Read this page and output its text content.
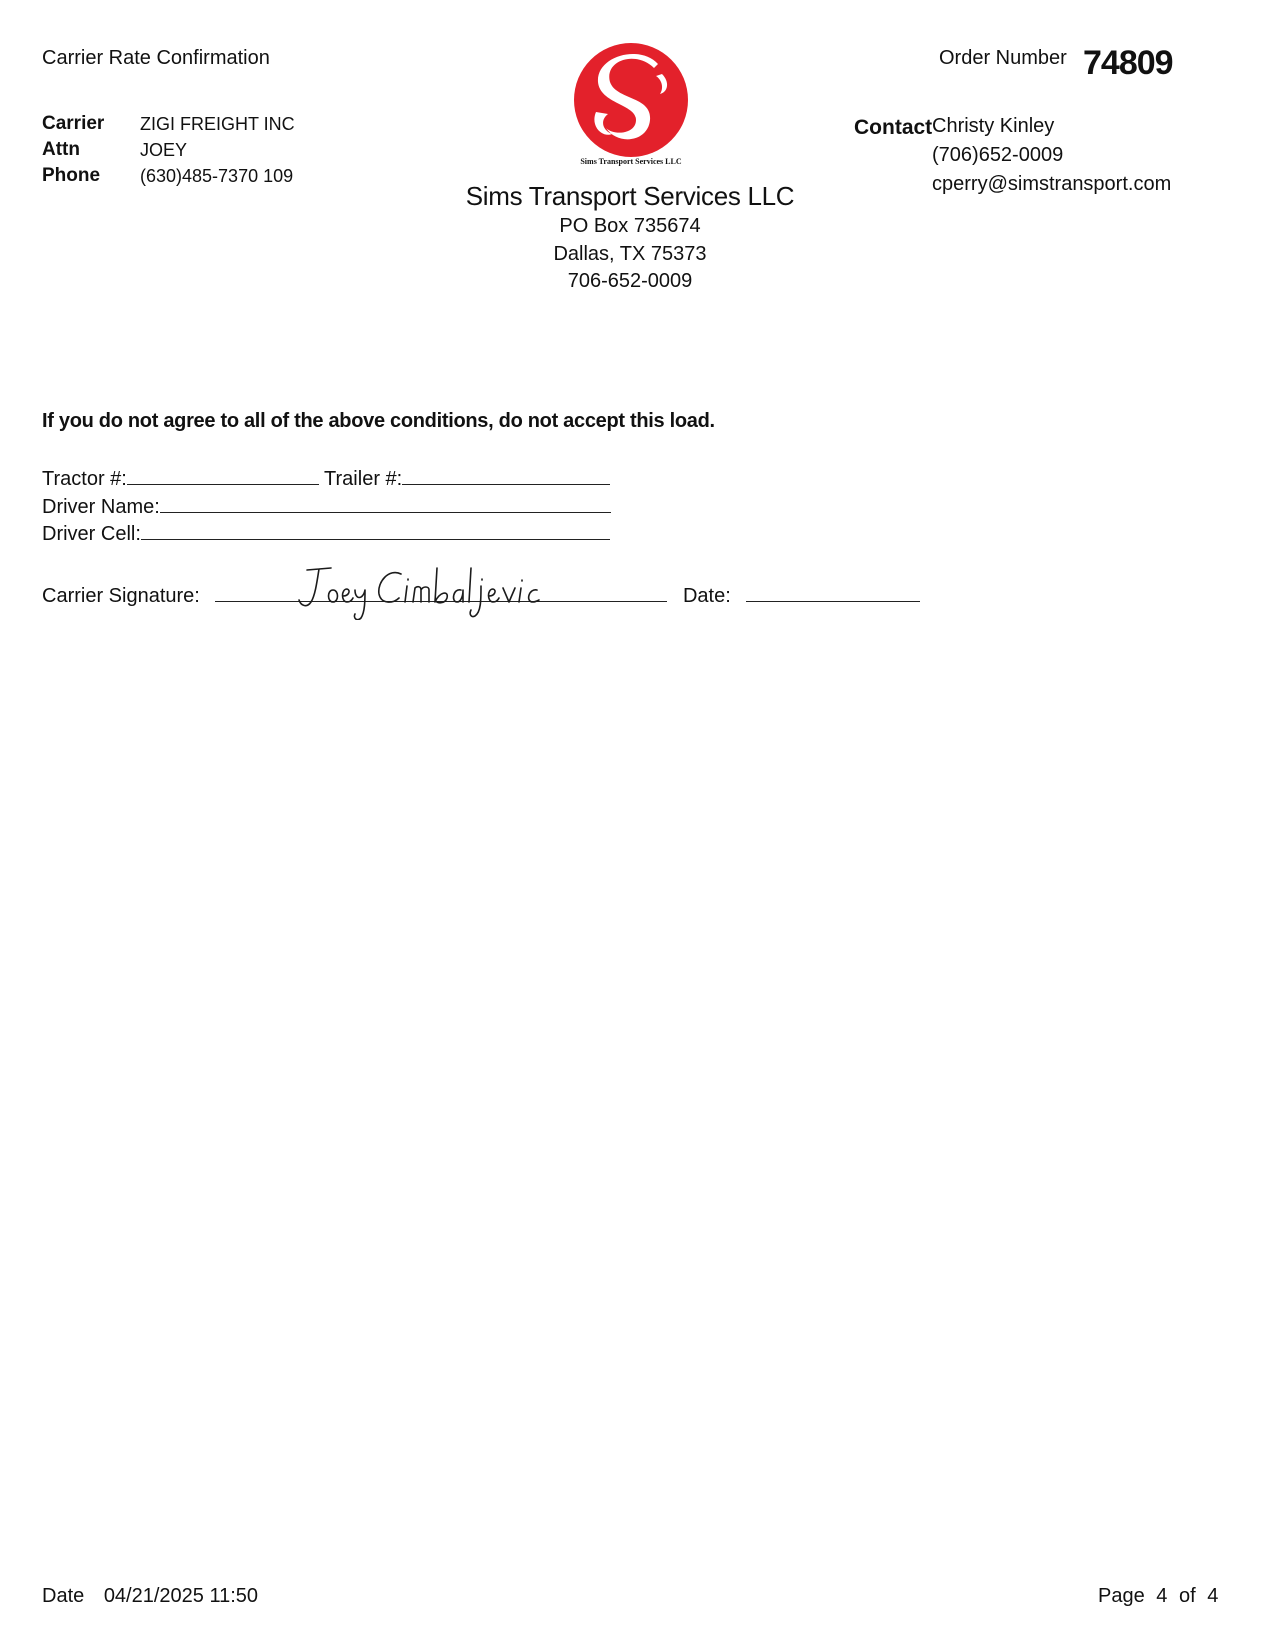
Carrier Rate Confirmation
Carrier ZIGI FREIGHT INC
Attn	JOEY
Phone (630)485-7370 109
Sims Transport Services LLC
Sims Transport Services LLC
PO Box 735674
Dallas, TX 75373
706-652-0009
Order Number 74809
Contact Christy Kinley
(706)652-0009
cperry@simstransport.com
If you do not agree to all of the above conditions, do not accept this load.
Tractor #:	Trailer #:
Driver Name:
Driver Cell:
Carrier Signature:	Date:
Date 04/21/2025 11:50	Page 4 of 4
